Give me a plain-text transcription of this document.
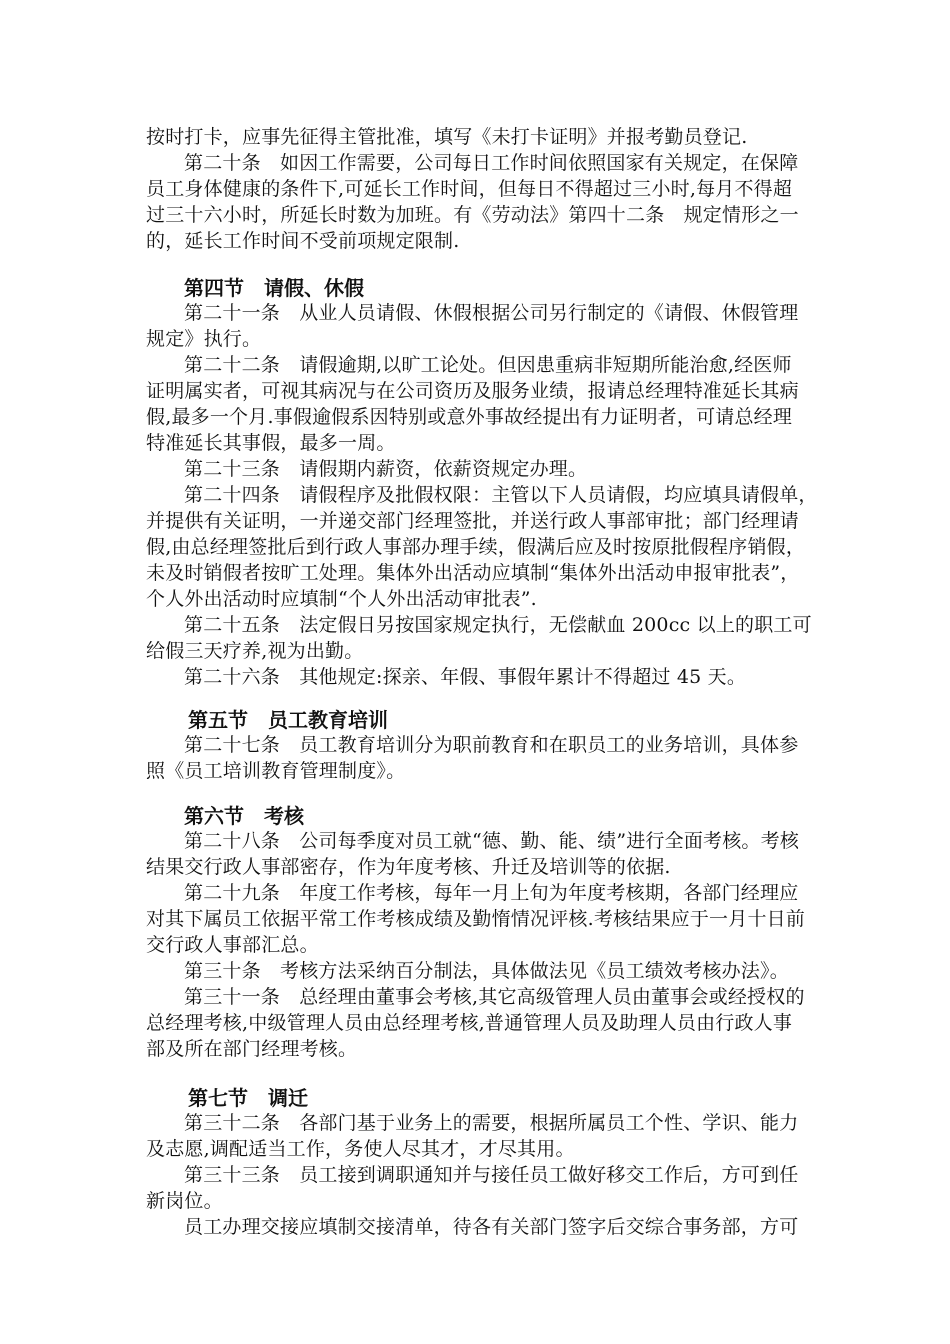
按时打卡，应事先征得主管批准，填写《未打卡证明》并报考勤员登记.
第二十条　如因工作需要，公司每日工作时间依照国家有关规定，在保障
员工身体健康的条件下,可延长工作时间，但每日不得超过三小时,每月不得超
过三十六小时，所延长时数为加班。有《劳动法》第四十二条　规定情形之一
的，延长工作时间不受前项规定限制.
第四节　请假、休假
第二十一条　从业人员请假、休假根据公司另行制定的《请假、休假管理
规定》执行。
第二十二条　请假逾期,以旷工论处。但因患重病非短期所能治愈,经医师
证明属实者，可视其病况与在公司资历及服务业绩，报请总经理特准延长其病
假,最多一个月.事假逾假系因特别或意外事故经提出有力证明者，可请总经理
特准延长其事假，最多一周。
第二十三条　请假期内薪资，依薪资规定办理。
第二十四条　请假程序及批假权限：主管以下人员请假，均应填具请假单，
并提供有关证明，一并递交部门经理签批，并送行政人事部审批；部门经理请
假,由总经理签批后到行政人事部办理手续，假满后应及时按原批假程序销假，
未及时销假者按旷工处理。集体外出活动应填制“集体外出活动申报审批表”，
个人外出活动时应填制“个人外出活动审批表”.
第二十五条　法定假日另按国家规定执行，无偿献血 200cc 以上的职工可
给假三天疗养,视为出勤。
第二十六条　其他规定:探亲、年假、事假年累计不得超过 45 天。
第五节　员工教育培训
第二十七条　员工教育培训分为职前教育和在职员工的业务培训，具体参
照《员工培训教育管理制度》。
第六节　考核
第二十八条　公司每季度对员工就“德、勤、能、绩”进行全面考核。考核
结果交行政人事部密存，作为年度考核、升迁及培训等的依据.
第二十九条　年度工作考核，每年一月上旬为年度考核期，各部门经理应
对其下属员工依据平常工作考核成绩及勤惰情况评核.考核结果应于一月十日前
交行政人事部汇总。
第三十条　考核方法采纳百分制法，具体做法见《员工绩效考核办法》。
第三十一条　总经理由董事会考核,其它高级管理人员由董事会或经授权的
总经理考核,中级管理人员由总经理考核,普通管理人员及助理人员由行政人事
部及所在部门经理考核。
第七节　调迁
第三十二条　各部门基于业务上的需要，根据所属员工个性、学识、能力
及志愿,调配适当工作，务使人尽其才，才尽其用。
第三十三条　员工接到调职通知并与接任员工做好移交工作后，方可到任
新岗位。
员工办理交接应填制交接清单，待各有关部门签字后交综合事务部，方可
